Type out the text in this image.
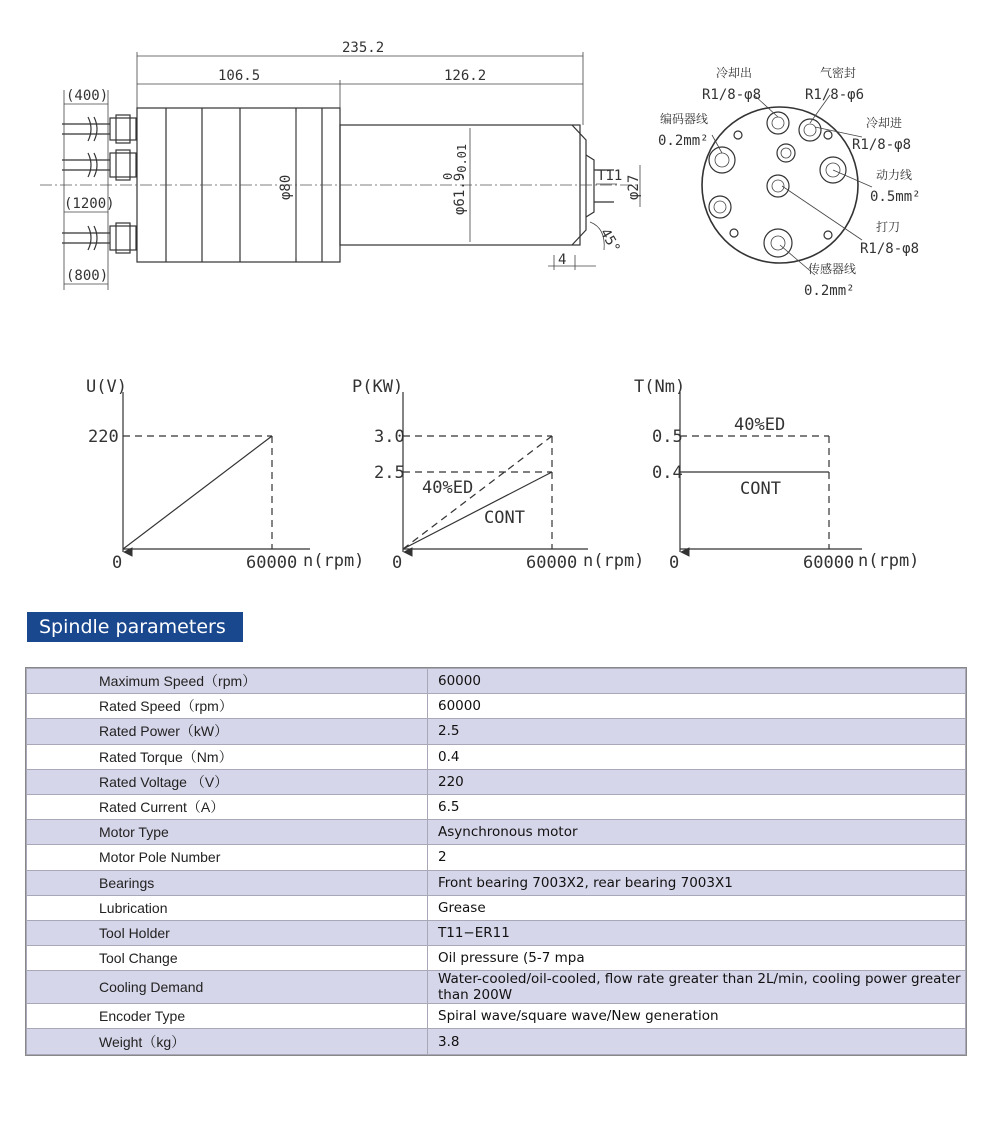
235.2
106.5	126.2
φ80	φ61.9
0 -0.01
φ27
T11
4
45°
(400)
(1200)
(800)
冷却出
R1/8-φ8
气密封
R1/8-φ6
编码器线
0.2mm²
冷却进
R1/8-φ8
动力线
0.5mm²
打刀
R1/8-φ8
传感器线
0.2mm²
U(V)
n(rpm)
0	60000
220
P(KW)
n(rpm)
0	60000
3.0
2.5
40%ED
CONT
T(Nm)
n(rpm)
0	60000
0.5
0.4
40%ED
CONT
Spindle parameters
Maximum Speed（rpm）	60000
Rated Speed（rpm）	60000
Rated Power（kW）	2.5
Rated Torque（Nm）	0.4
Rated Voltage （V）	220
Rated Current（A）	6.5
Motor Type	Asynchronous motor
Motor Pole Number	2
Bearings	Front bearing 7003X2, rear bearing 7003X1
Lubrication	Grease
Tool Holder	T11−ER11
Tool Change	Oil pressure (5-7 mpa
Cooling Demand	Water-cooled/oil-cooled, flow rate greater than 2L/min, cooling power greater than 200W
Encoder Type	Spiral wave/square wave/New generation
Weight（kg）	3.8
